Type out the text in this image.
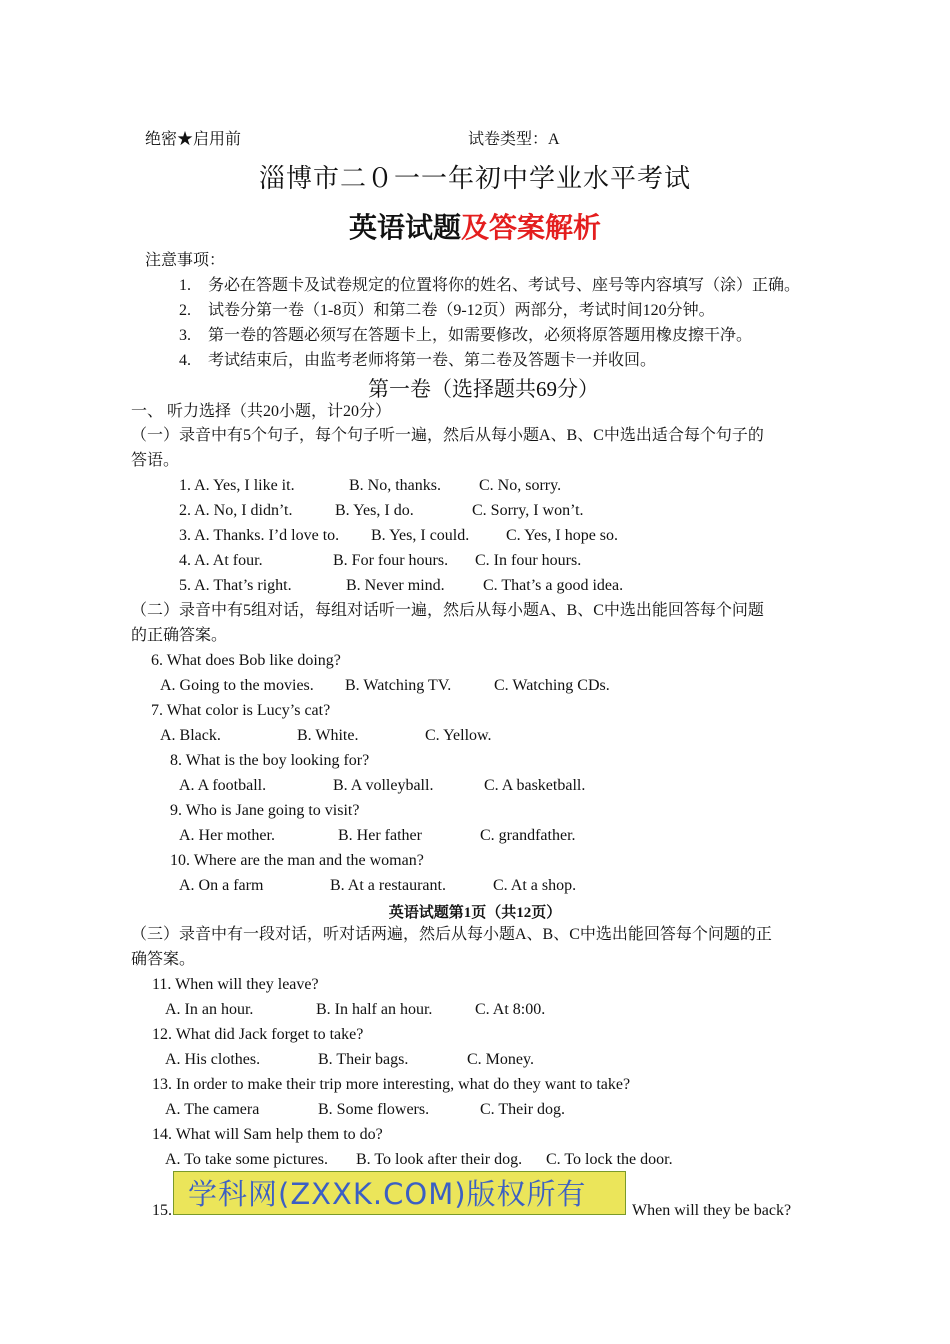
绝密★启用前	试卷类型：A
淄博市二０一一年初中学业水平考试
英语试题及答案解析
注意事项：
1. 务必在答题卡及试卷规定的位置将你的姓名、考试号、座号等内容填写（涂）正确。
2. 试卷分第一卷（1-8页）和第二卷（9-12页）两部分，考试时间120分钟。
3. 第一卷的答题必须写在答题卡上，如需要修改，必须将原答题用橡皮擦干净。
4. 考试结束后，由监考老师将第一卷、第二卷及答题卡一并收回。
第一卷（选择题共69分）
一、 听力选择（共20小题，计20分）
（一）录音中有5个句子，每个句子听一遍，然后从每小题A、B、C中选出适合每个句子的
答语。
1. A. Yes, I like it.	B. No, thanks. C. No, sorry.
2. A. No, I didn’t.	B. Yes, I do.	C. Sorry, I won’t.
3. A. Thanks. I’d love to. B. Yes, I could. C. Yes, I hope so.
4. A. At four.	B. For four hours. C. In four hours.
5. A. That’s right.	B. Never mind. C. That’s a good idea.
（二）录音中有5组对话，每组对话听一遍，然后从每小题A、B、C中选出能回答每个问题
的正确答案。
6. What does Bob like doing?
A. Going to the movies. B. Watching TV.	C. Watching CDs.
7. What color is Lucy’s cat?
A. Black.	B. White.	C. Yellow.
8. What is the boy looking for?
A. A football.	B. A volleyball.	C. A basketball.
9. Who is Jane going to visit?
A. Her mother.	B. Her father	C. grandfather.
10. Where are the man and the woman?
A. On a farm	B. At a restaurant.	C. At a shop.
英语试题第1页（共12页）
（三）录音中有一段对话，听对话两遍，然后从每小题A、B、C中选出能回答每个问题的正
确答案。
11. When will they leave?
A. In an hour.	B. In half an hour.	C. At 8:00.
12. What did Jack forget to take?
A. His clothes.	B. Their bags.	C. Money.
13. In order to make their trip more interesting, what do they want to take?
A. The camera	B. Some flowers.	C. Their dog.
14. What will Sam help them to do?
A. To take some pictures. B. To look after their dog. C. To lock the door.
15. 学科网(ZXXK.COM)版权所有	When will they be back?
